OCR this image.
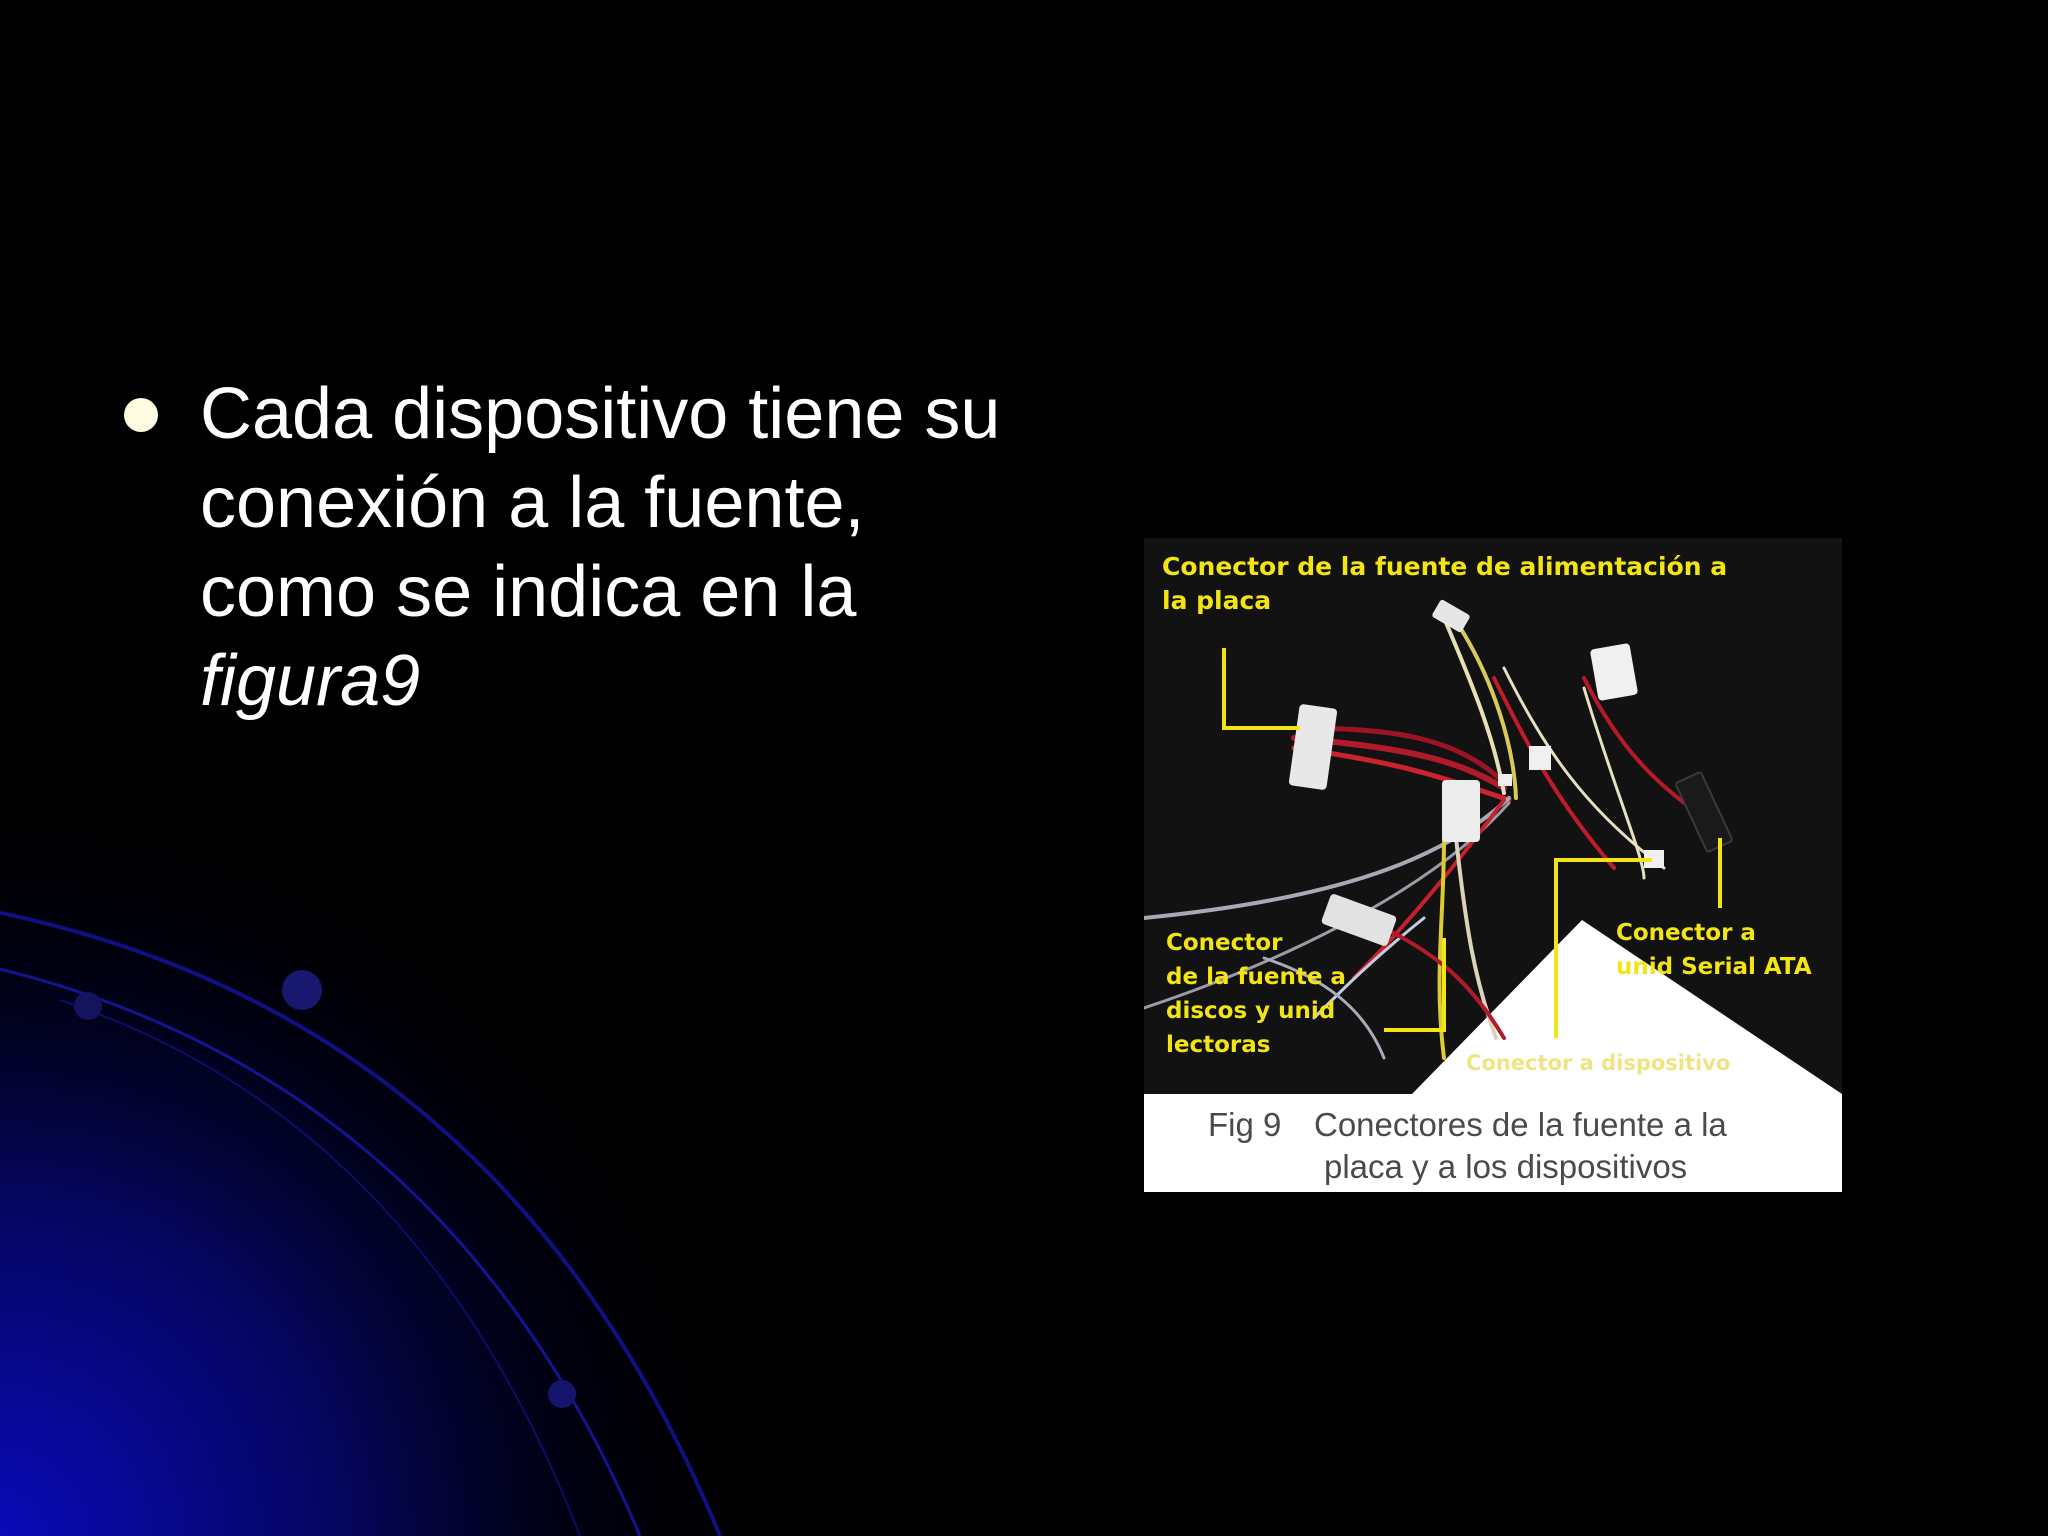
Cada dispositivo tiene su conexión a la fuente, como se indica en la figura9
Conector de la fuente de alimentación a
la placa
Conector
de la fuente a
discos y unid
lectoras
Conector a
unid Serial ATA
Conector a dispositivo
Fig 9 Conectores de la fuente a la
placa y a los dispositivos
